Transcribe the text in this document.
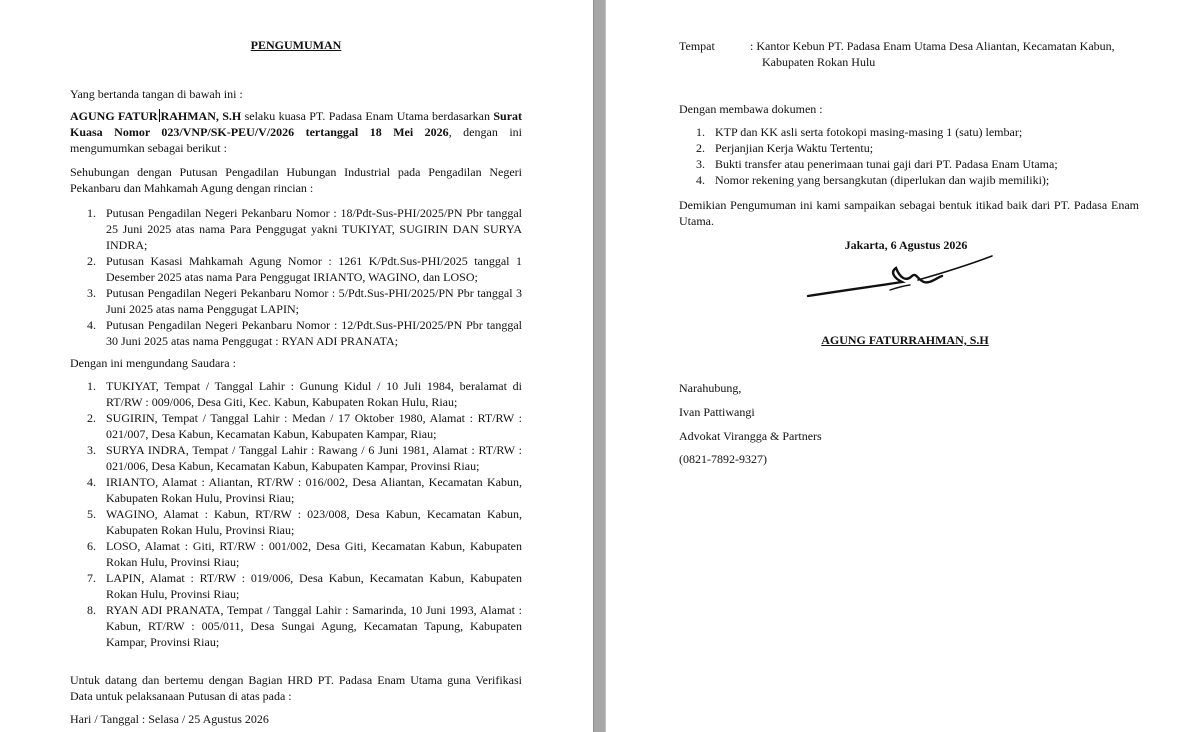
PENGUMUMAN
Yang bertanda tangan di bawah ini :
AGUNG FATUR RAHMAN, S.H selaku kuasa PT. Padasa Enam Utama berdasarkan Surat Kuasa Nomor 023/VNP/SK-PEU/V/2026 tertanggal 18 Mei 2026, dengan ini mengumumkan sebagai berikut :
Sehubungan dengan Putusan Pengadilan Hubungan Industrial pada Pengadilan Negeri Pekanbaru dan Mahkamah Agung dengan rincian :
1. Putusan Pengadilan Negeri Pekanbaru Nomor : 18/Pdt-Sus-PHI/2025/PN Pbr tanggal 25 Juni 2025 atas nama Para Penggugat yakni TUKIYAT, SUGIRIN DAN SURYA INDRA;
2. Putusan Kasasi Mahkamah Agung Nomor : 1261 K/Pdt.Sus-PHI/2025 tanggal 1 Desember 2025 atas nama Para Penggugat IRIANTO, WAGINO, dan LOSO;
3. Putusan Pengadilan Negeri Pekanbaru Nomor : 5/Pdt.Sus-PHI/2025/PN Pbr tanggal 3 Juni 2025 atas nama Penggugat LAPIN;
4. Putusan Pengadilan Negeri Pekanbaru Nomor : 12/Pdt.Sus-PHI/2025/PN Pbr tanggal 30 Juni 2025 atas nama Penggugat : RYAN ADI PRANATA;
Dengan ini mengundang Saudara :
1. TUKIYAT, Tempat / Tanggal Lahir : Gunung Kidul / 10 Juli 1984, beralamat di RT/RW : 009/006, Desa Giti, Kec. Kabun, Kabupaten Rokan Hulu, Riau;
2. SUGIRIN, Tempat / Tanggal Lahir : Medan / 17 Oktober 1980, Alamat : RT/RW : 021/007, Desa Kabun, Kecamatan Kabun, Kabupaten Kampar, Riau;
3. SURYA INDRA, Tempat / Tanggal Lahir : Rawang / 6 Juni 1981, Alamat : RT/RW : 021/006, Desa Kabun, Kecamatan Kabun, Kabupaten Kampar, Provinsi Riau;
4. IRIANTO, Alamat : Aliantan, RT/RW : 016/002, Desa Aliantan, Kecamatan Kabun, Kabupaten Rokan Hulu, Provinsi Riau;
5. WAGINO, Alamat : Kabun, RT/RW : 023/008, Desa Kabun, Kecamatan Kabun, Kabupaten Rokan Hulu, Provinsi Riau;
6. LOSO, Alamat : Giti, RT/RW : 001/002, Desa Giti, Kecamatan Kabun, Kabupaten Rokan Hulu, Provinsi Riau;
7. LAPIN, Alamat : RT/RW : 019/006, Desa Kabun, Kecamatan Kabun, Kabupaten Rokan Hulu, Provinsi Riau;
8. RYAN ADI PRANATA, Tempat / Tanggal Lahir : Samarinda, 10 Juni 1993, Alamat : Kabun, RT/RW : 005/011, Desa Sungai Agung, Kecamatan Tapung, Kabupaten Kampar, Provinsi Riau;
Untuk datang dan bertemu dengan Bagian HRD PT. Padasa Enam Utama guna Verifikasi Data untuk pelaksanaan Putusan di atas pada :
Hari / Tanggal : Selasa / 25 Agustus 2026
Tempat	: Kantor Kebun PT. Padasa Enam Utama Desa Aliantan, Kecamatan Kabun, Kabupaten Rokan Hulu
Dengan membawa dokumen :
1. KTP dan KK asli serta fotokopi masing-masing 1 (satu) lembar;
2. Perjanjian Kerja Waktu Tertentu;
3. Bukti transfer atau penerimaan tunai gaji dari PT. Padasa Enam Utama;
4. Nomor rekening yang bersangkutan (diperlukan dan wajib memiliki);
Demikian Pengumuman ini kami sampaikan sebagai bentuk itikad baik dari PT. Padasa Enam Utama.
Jakarta, 6 Agustus 2026
AGUNG FATURRAHMAN, S.H
Narahubung,
Ivan Pattiwangi
Advokat Virangga & Partners
(0821-7892-9327)
